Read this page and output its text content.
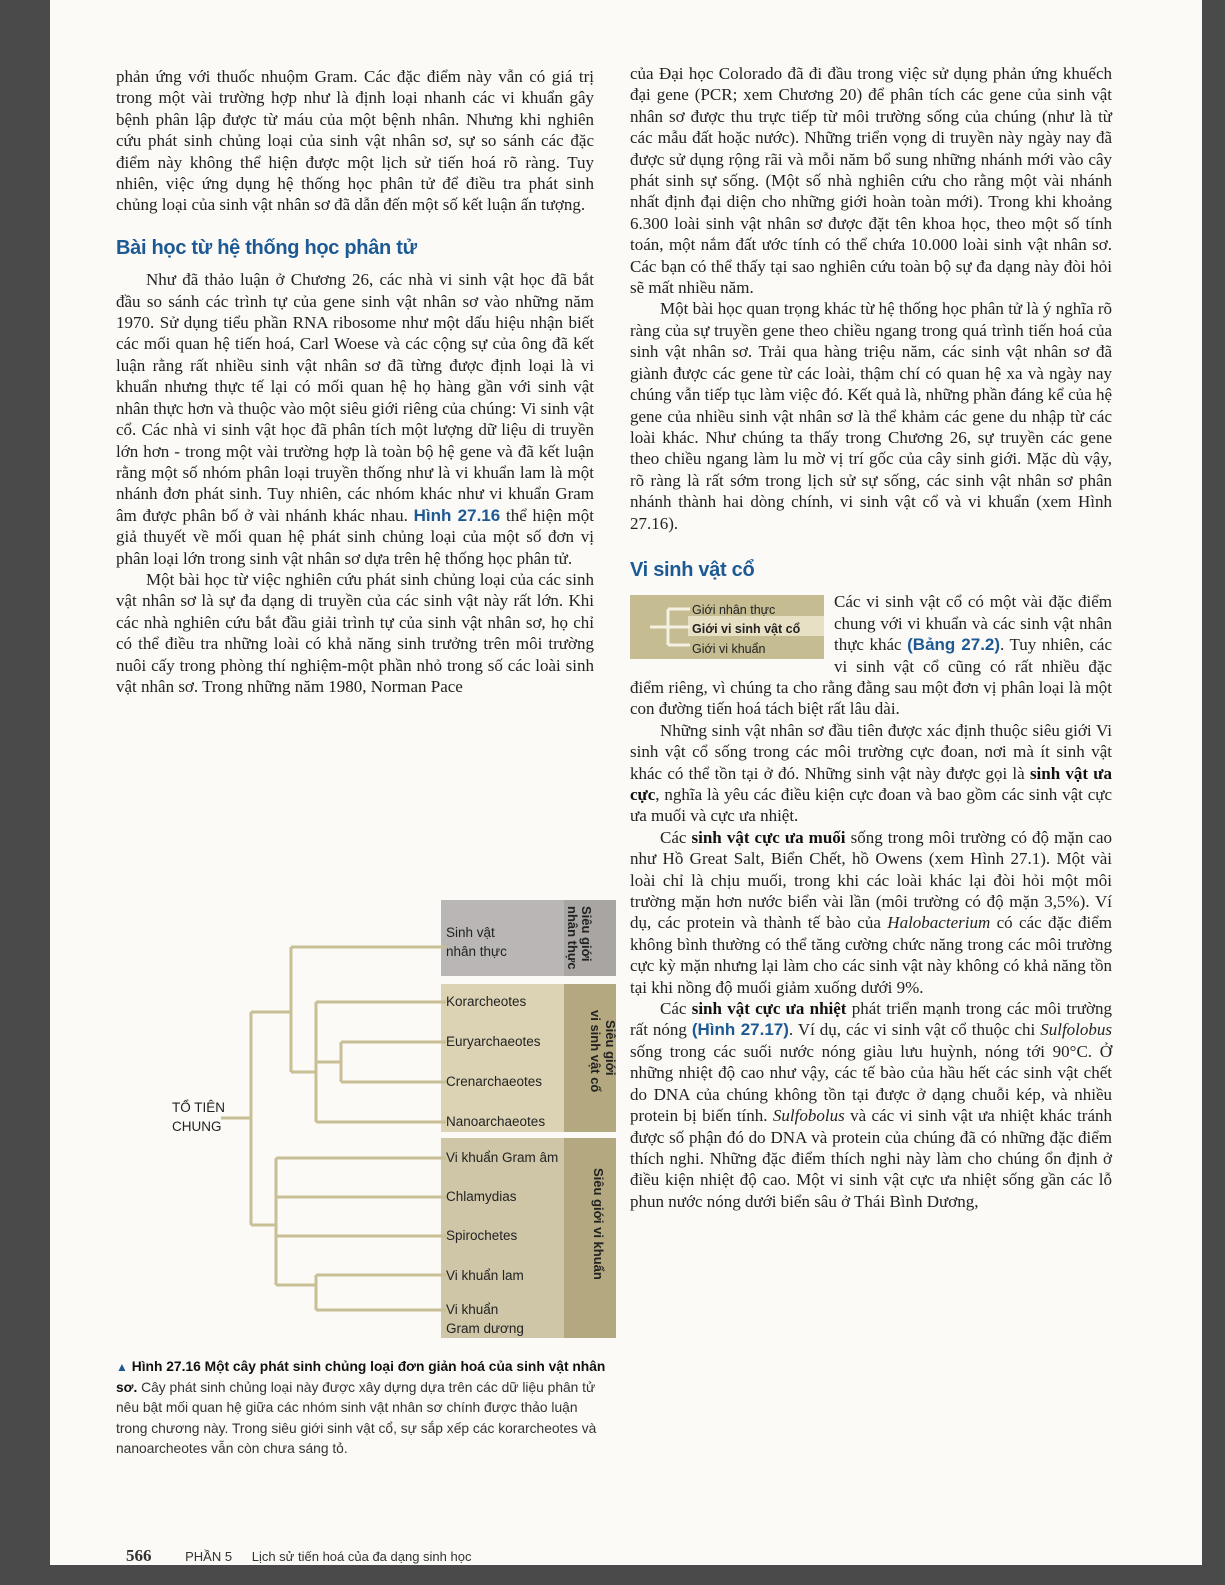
phản ứng với thuốc nhuộm Gram. Các đặc điểm này vẫn có giá trị trong một vài trường hợp như là định loại nhanh các vi khuẩn gây bệnh phân lập được từ máu của một bệnh nhân. Nhưng khi nghiên cứu phát sinh chủng loại của sinh vật nhân sơ, sự so sánh các đặc điểm này không thể hiện được một lịch sử tiến hoá rõ ràng. Tuy nhiên, việc ứng dụng hệ thống học phân tử để điều tra phát sinh chủng loại của sinh vật nhân sơ đã dẫn đến một số kết luận ấn tượng.

Bài học từ hệ thống học phân tử

Như đã thảo luận ở Chương 26, các nhà vi sinh vật học đã bắt đầu so sánh các trình tự của gene sinh vật nhân sơ vào những năm 1970. Sử dụng tiểu phần RNA ribosome như một dấu hiệu nhận biết các mối quan hệ tiến hoá, Carl Woese và các cộng sự của ông đã kết luận rằng rất nhiều sinh vật nhân sơ đã từng được định loại là vi khuẩn nhưng thực tế lại có mối quan hệ họ hàng gần với sinh vật nhân thực hơn và thuộc vào một siêu giới riêng của chúng: Vi sinh vật cổ. Các nhà vi sinh vật học đã phân tích một lượng dữ liệu di truyền lớn hơn - trong một vài trường hợp là toàn bộ hệ gene và đã kết luận rằng một số nhóm phân loại truyền thống như là vi khuẩn lam là một nhánh đơn phát sinh. Tuy nhiên, các nhóm khác như vi khuẩn Gram âm được phân bố ở vài nhánh khác nhau. Hình 27.16 thể hiện một giả thuyết về mối quan hệ phát sinh chủng loại của một số đơn vị phân loại lớn trong sinh vật nhân sơ dựa trên hệ thống học phân tử.

Một bài học từ việc nghiên cứu phát sinh chủng loại của các sinh vật nhân sơ là sự đa dạng di truyền của các sinh vật này rất lớn. Khi các nhà nghiên cứu bắt đầu giải trình tự của sinh vật nhân sơ, họ chỉ có thể điều tra những loài có khả năng sinh trưởng trên môi trường nuôi cấy trong phòng thí nghiệm-một phần nhỏ trong số các loài sinh vật nhân sơ. Trong những năm 1980, Norman Pace

của Đại học Colorado đã đi đầu trong việc sử dụng phản ứng khuếch đại gene (PCR; xem Chương 20) để phân tích các gene của sinh vật nhân sơ được thu trực tiếp từ môi trường sống của chúng (như là từ các mẫu đất hoặc nước). Những triển vọng di truyền này ngày nay đã được sử dụng rộng rãi và mỗi năm bổ sung những nhánh mới vào cây phát sinh sự sống. (Một số nhà nghiên cứu cho rằng một vài nhánh nhất định đại diện cho những giới hoàn toàn mới). Trong khi khoảng 6.300 loài sinh vật nhân sơ được đặt tên khoa học, theo một số tính toán, một nắm đất ước tính có thể chứa 10.000 loài sinh vật nhân sơ. Các bạn có thể thấy tại sao nghiên cứu toàn bộ sự đa dạng này đòi hỏi sẽ mất nhiều năm.

Một bài học quan trọng khác từ hệ thống học phân tử là ý nghĩa rõ ràng của sự truyền gene theo chiều ngang trong quá trình tiến hoá của sinh vật nhân sơ. Trải qua hàng triệu năm, các sinh vật nhân sơ đã giành được các gene từ các loài, thậm chí có quan hệ xa và ngày nay chúng vẫn tiếp tục làm việc đó. Kết quả là, những phần đáng kể của hệ gene của nhiều sinh vật nhân sơ là thể khảm các gene du nhập từ các loài khác. Như chúng ta thấy trong Chương 26, sự truyền các gene theo chiều ngang làm lu mờ vị trí gốc của cây sinh giới. Mặc dù vậy, rõ ràng là rất sớm trong lịch sử sự sống, các sinh vật nhân sơ phân nhánh thành hai dòng chính, vi sinh vật cổ và vi khuẩn (xem Hình 27.16).

Vi sinh vật cổ
Giới nhân thực
Giới vi sinh vật cổ
Giới vi khuẩn

Các vi sinh vật cổ có một vài đặc điểm chung với vi khuẩn và các sinh vật nhân thực khác (Bảng 27.2). Tuy nhiên, các vi sinh vật cổ cũng có rất nhiều đặc điểm riêng, vì chúng ta cho rằng đằng sau một đơn vị phân loại là một con đường tiến hoá tách biệt rất lâu dài.

Những sinh vật nhân sơ đầu tiên được xác định thuộc siêu giới Vi sinh vật cổ sống trong các môi trường cực đoan, nơi mà ít sinh vật khác có thể tồn tại ở đó. Những sinh vật này được gọi là sinh vật ưa cực, nghĩa là yêu các điều kiện cực đoan và bao gồm các sinh vật cực ưa muối và cực ưa nhiệt.

Các sinh vật cực ưa muối sống trong môi trường có độ mặn cao như Hồ Great Salt, Biển Chết, hồ Owens (xem Hình 27.1). Một vài loài chỉ là chịu muối, trong khi các loài khác lại đòi hỏi một môi trường mặn hơn nước biển vài lần (môi trường có độ mặn 3,5%). Ví dụ, các protein và thành tế bào của Halobacterium có các đặc điểm không bình thường có thể tăng cường chức năng trong các môi trường cực kỳ mặn nhưng lại làm cho các sinh vật này không có khả năng tồn tại khi nồng độ muối giảm xuống dưới 9%.

Các sinh vật cực ưa nhiệt phát triển mạnh trong các môi trường rất nóng (Hình 27.17). Ví dụ, các vi sinh vật cổ thuộc chi Sulfolobus sống trong các suối nước nóng giàu lưu huỳnh, nóng tới 90°C. Ở những nhiệt độ cao như vậy, các tế bào của hầu hết các sinh vật chết do DNA của chúng không tồn tại được ở dạng chuỗi kép, và nhiều protein bị biến tính. Sulfobolus và các vi sinh vật ưa nhiệt khác tránh được số phận đó do DNA và protein của chúng đã có những đặc điểm thích nghi. Những đặc điểm thích nghi này làm cho chúng ổn định ở điều kiện nhiệt độ cao. Một vi sinh vật cực ưa nhiệt sống gần các lỗ phun nước nóng dưới biển sâu ở Thái Bình Dương,

Sinh vật
nhân thực
Korarcheotes
Euryarchaeotes
Crenarchaeotes
Nanoarchaeotes
Vi khuẩn Gram âm
Chlamydias
Spirochetes
Vi khuẩn lam
Vi khuẩn
Gram dương
TỔ TIÊN
CHUNG
Siêu giới
nhân thực
Siêu giới
vi sinh vật cổ
Siêu giới vi khuẩn
▲ Hình 27.16 Một cây phát sinh chủng loại đơn giản hoá của sinh vật nhân sơ. Cây phát sinh chủng loại này được xây dựng dựa trên các dữ liệu phân tử nêu bật mối quan hệ giữa các nhóm sinh vật nhân sơ chính được thảo luận trong chương này. Trong siêu giới sinh vật cổ, sự sắp xếp các korarcheotes và nanoarcheotes vẫn còn chưa sáng tỏ.
566	PHẦN 5 Lịch sử tiến hoá của đa dạng sinh học
